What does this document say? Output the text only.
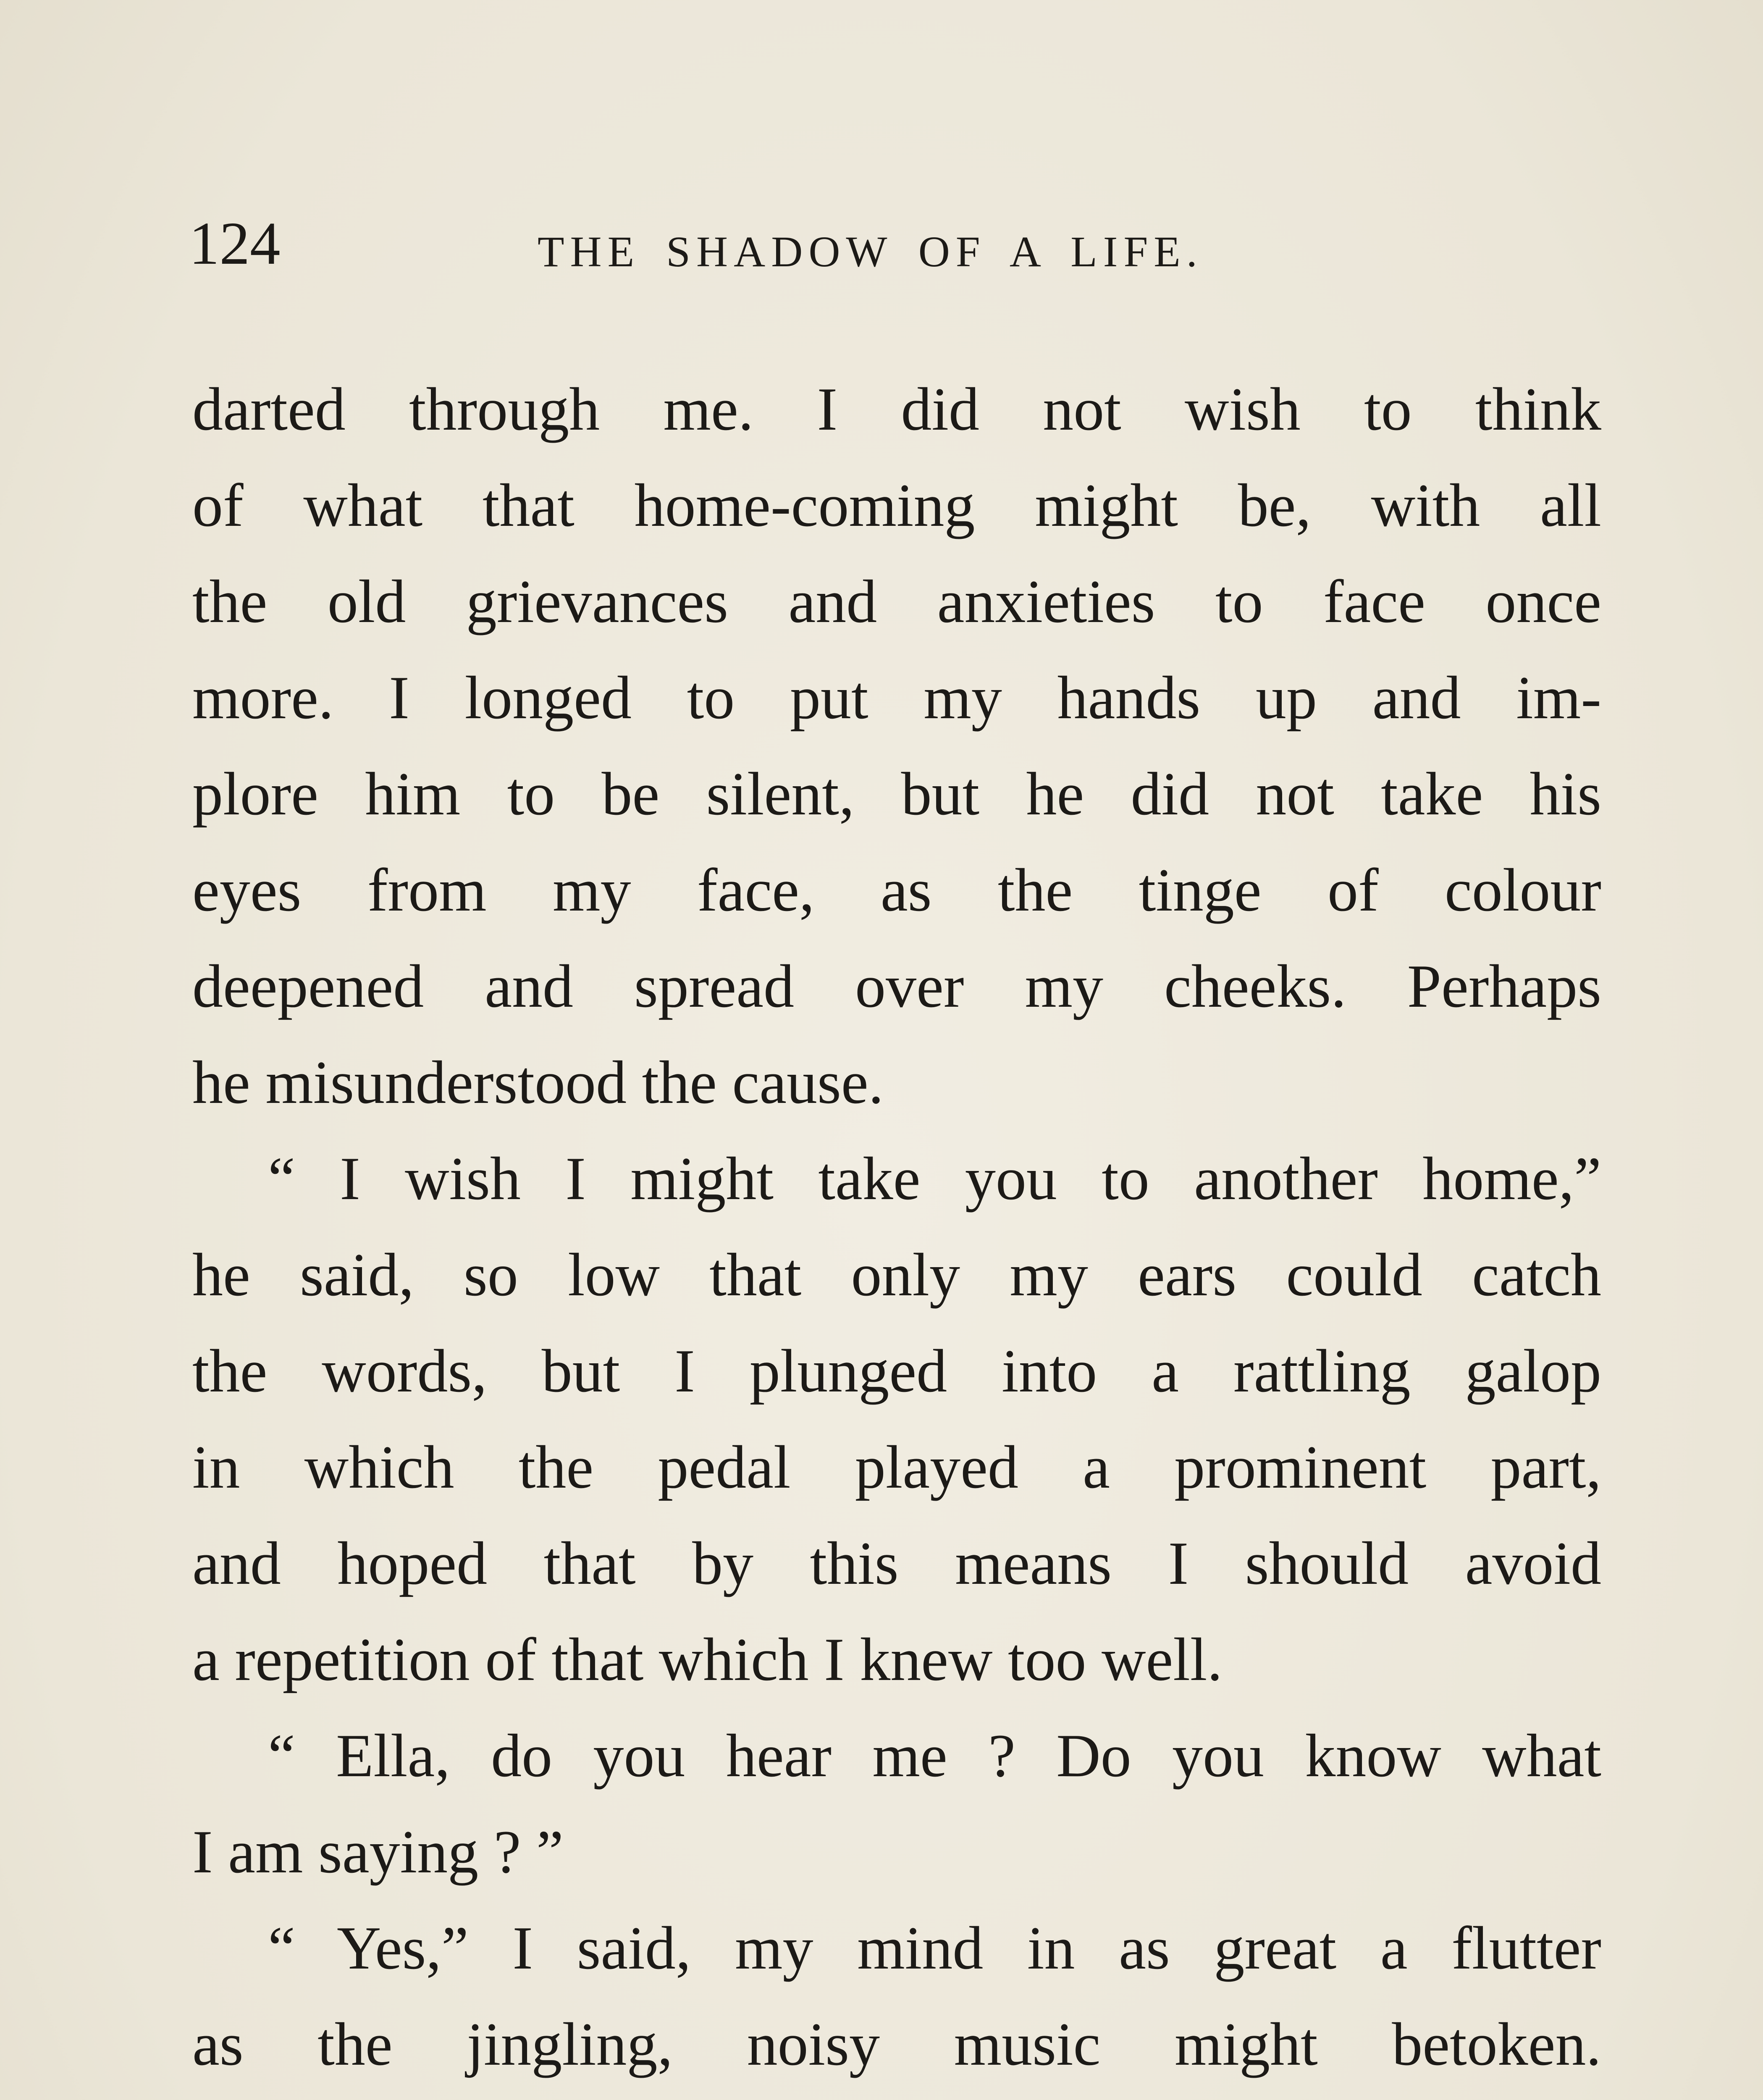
124	THE SHADOW OF A LIFE.
darted through me. I did not wish to think
of what that home-coming might be, with all
the old grievances and anxieties to face once
more. I longed to put my hands up and im-
plore him to be silent, but he did not take his
eyes from my face, as the tinge of colour
deepened and spread over my cheeks. Perhaps
he misunderstood the cause.
“ I wish I might take you to another home,”
he said, so low that only my ears could catch
the words, but I plunged into a rattling galop
in which the pedal played a prominent part,
and hoped that by this means I should avoid
a repetition of that which I knew too well.
“ Ella, do you hear me ? Do you know what
I am saying ? ”
“ Yes,” I said, my mind in as great a flutter
as the jingling, noisy music might betoken.
